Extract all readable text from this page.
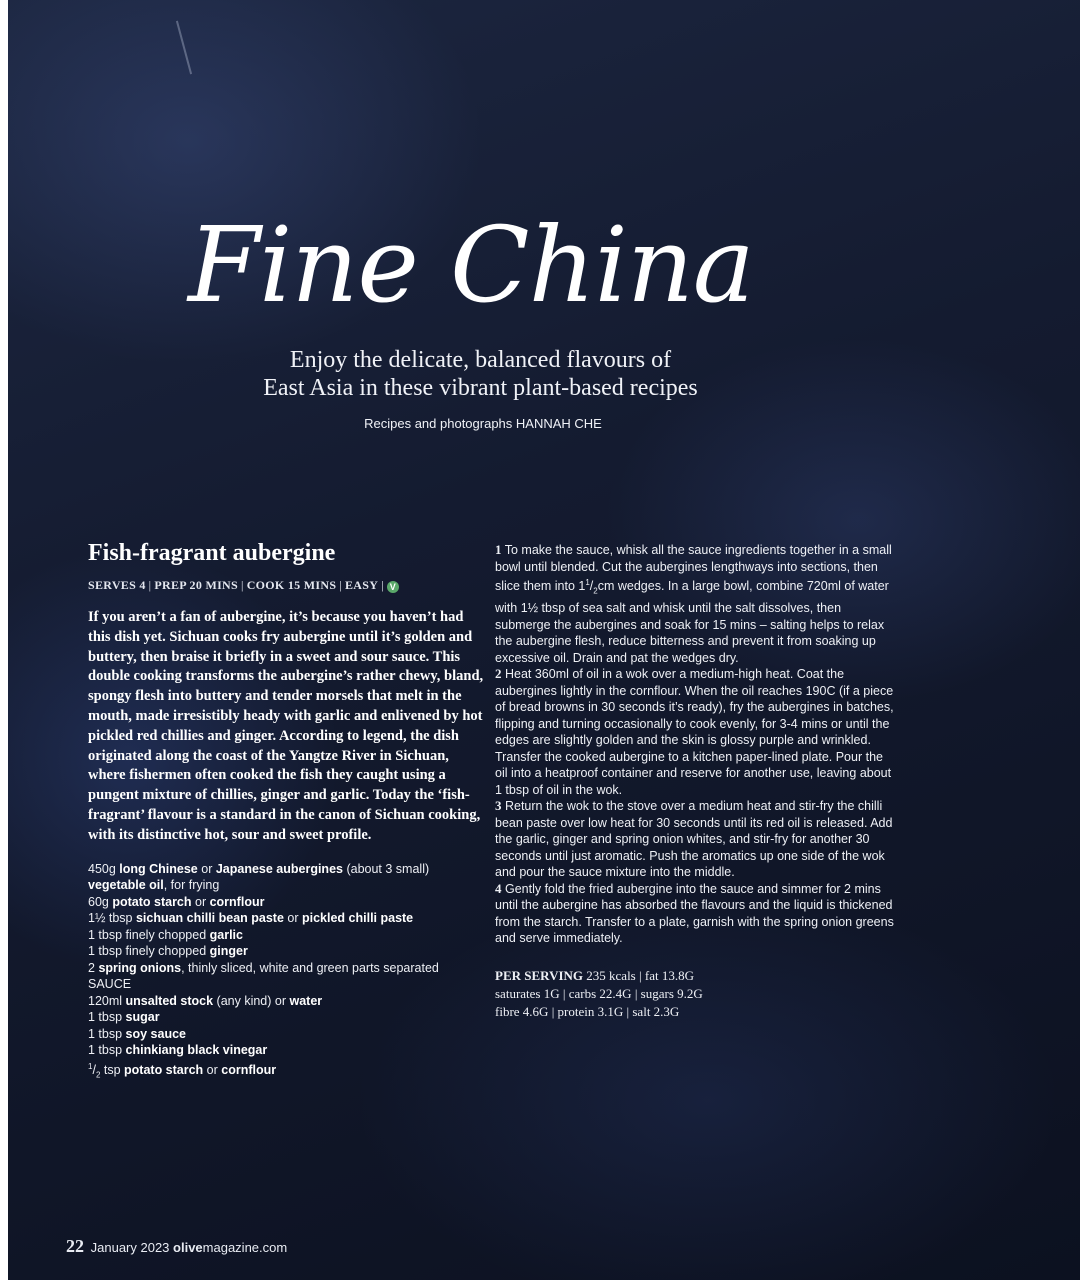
Fine China
Enjoy the delicate, balanced flavours of
East Asia in these vibrant plant-based recipes
Recipes and photographs HANNAH CHE
Fish-fragrant aubergine
SERVES 4 | PREP 20 MINS | COOK 15 MINS | EASY | V

If you aren’t a fan of aubergine, it’s because you haven’t had this dish yet. Sichuan cooks fry aubergine until it’s golden and buttery, then braise it briefly in a sweet and sour sauce. This double cooking transforms the aubergine’s rather chewy, bland, spongy flesh into buttery and tender morsels that melt in the mouth, made irresistibly heady with garlic and enlivened by hot pickled red chillies and ginger. According to legend, the dish originated along the coast of the Yangtze River in Sichuan, where fishermen often cooked the fish they caught using a pungent mixture of chillies, ginger and garlic. Today the ‘fish-fragrant’ flavour is a standard in the canon of Sichuan cooking, with its distinctive hot, sour and sweet profile.

450g long Chinese or Japanese aubergines (about 3 small)
vegetable oil, for frying
60g potato starch or cornflour
1½ tbsp sichuan chilli bean paste or pickled chilli paste
1 tbsp finely chopped garlic
1 tbsp finely chopped ginger
2 spring onions, thinly sliced, white and green parts separated
SAUCE
120ml unsalted stock (any kind) or water
1 tbsp sugar
1 tbsp soy sauce
1 tbsp chinkiang black vinegar
$^1/_2$ tsp potato starch or cornflour

1 To make the sauce, whisk all the sauce ingredients together in a small bowl until blended. Cut the aubergines lengthways into sections, then slice them into $1^1/_2cm$ wedges. In a large bowl, combine 720ml of water with 1½ tbsp of sea salt and whisk until the salt dissolves, then submerge the aubergines and soak for 15 mins – salting helps to relax the aubergine flesh, reduce bitterness and prevent it from soaking up excessive oil. Drain and pat the wedges dry.

2 Heat 360ml of oil in a wok over a medium-high heat. Coat the aubergines lightly in the cornflour. When the oil reaches 190C (if a piece of bread browns in 30 seconds it’s ready), fry the aubergines in batches, flipping and turning occasionally to cook evenly, for 3-4 mins or until the edges are slightly golden and the skin is glossy purple and wrinkled. Transfer the cooked aubergine to a kitchen paper-lined plate. Pour the oil into a heatproof container and reserve for another use, leaving about 1 tbsp of oil in the wok.

3 Return the wok to the stove over a medium heat and stir-fry the chilli bean paste over low heat for 30 seconds until its red oil is released. Add the garlic, ginger and spring onion whites, and stir-fry for another 30 seconds until just aromatic. Push the aromatics up one side of the wok and pour the sauce mixture into the middle.

4 Gently fold the fried aubergine into the sauce and simmer for 2 mins until the aubergine has absorbed the flavours and the liquid is thickened from the starch. Transfer to a plate, garnish with the spring onion greens and serve immediately.

PER SERVING 235 kcals | fat 13.8G
saturates 1G | carbs 22.4G | sugars 9.2G
fibre 4.6G | protein 3.1G | salt 2.3G
22 January 2023 olivemagazine.com
